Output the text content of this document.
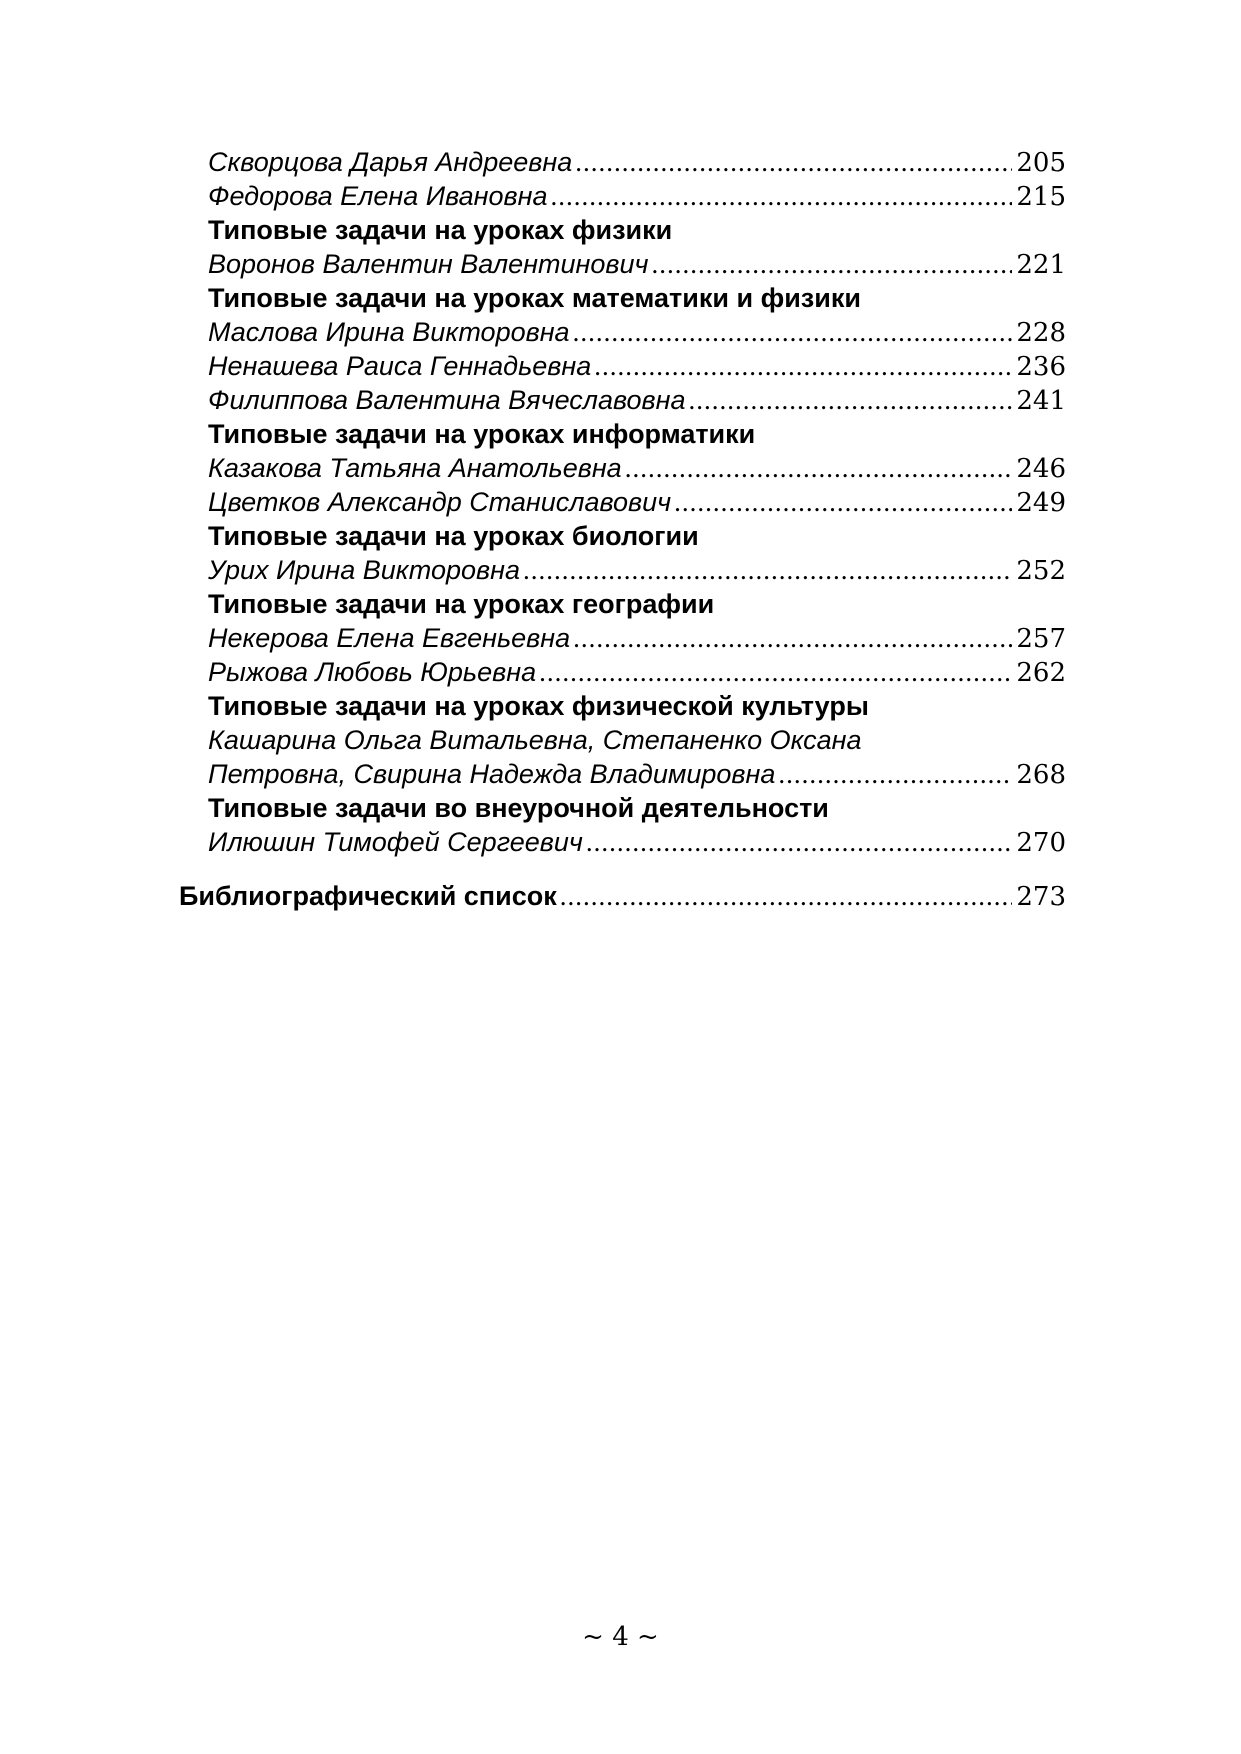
Скворцова Дарья Андреевна .....	205
Федорова Елена Ивановна .....	215
Типовые задачи на уроках физики
Воронов Валентин Валентинович .....	221
Типовые задачи на уроках математики и физики
Маслова Ирина Викторовна .....	228
Ненашева Раиса Геннадьевна .....	236
Филиппова Валентина Вячеславовна .....	241
Типовые задачи на уроках информатики
Казакова Татьяна Анатольевна .....	246
Цветков Александр Станиславович .....	249
Типовые задачи на уроках биологии
Урих Ирина Викторовна .....	252
Типовые задачи на уроках географии
Некерова Елена Евгеньевна .....	257
Рыжова Любовь Юрьевна .....	262
Типовые задачи на уроках физической культуры
Кашарина Ольга Витальевна, Степаненко Оксана
Петровна, Свирина Надежда Владимировна .....	268
Типовые задачи во внеурочной деятельности
Илюшин Тимофей Сергеевич .....	270
Библиографический список .....	273
~ 4 ~
